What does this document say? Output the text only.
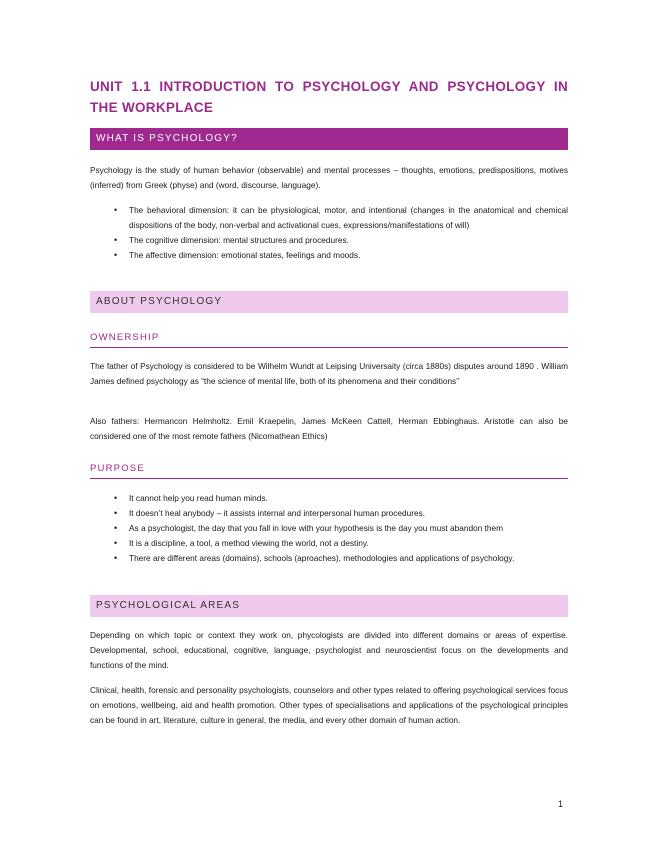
UNIT 1.1 INTRODUCTION TO PSYCHOLOGY AND PSYCHOLOGY IN THE WORKPLACE
WHAT IS PSYCHOLOGY?

Psychology is the study of human behavior (observable) and mental processes – thoughts, emotions, predispositions, motives (inferred) from Greek (physe) and (word, discourse, language).

• The behavioral dimension: it can be physiological, motor, and intentional (changes in the anatomical and chemical dispositions of the body, non-verbal and activational cues, expressions/manifestations of will)
• The cognitive dimension: mental structures and procedures.
• The affective dimension: emotional states, feelings and moods.
ABOUT PSYCHOLOGY
OWNERSHIP

The father of Psychology is considered to be Wilhelm Wundt at Leipsing Universaity (circa 1880s) disputes around 1890 . William James defined psychology as “the science of mental life, both of its phenomena and their conditions”

Also fathers: Hermancon Helmholtz. Emil Kraepelin, James McKeen Cattell, Herman Ebbinghaus. Aristotle can also be considered one of the most remote fathers (Nicomathean Ethics)

PURPOSE
• It cannot help you read human minds.
• It doesn’t heal anybody – it assists internal and interpersonal human procedures.
• As a psychologist, the day that you fall in love with your hypothesis is the day you must abandon them
• It is a discipline, a tool, a method viewing the world, not a destiny.
• There are different areas (domains), schools (aproaches), methodologies and applications of psychology.
PSYCHOLOGICAL AREAS

Depending on which topic or context they work on, phycologists are divided into different domains or areas of expertise. Developmental, school, educational, cognitive, language, psychologist and neuroscientist focus on the developments and functions of the mind.

Clinical, health, forensic and personality psychologists, counselors and other types related to offering psychological services focus on emotions, wellbeing, aid and health promotion. Other types of specialisations and applications of the psychological principles can be found in art, literature, culture in general, the media, and every other domain of human action.

1
